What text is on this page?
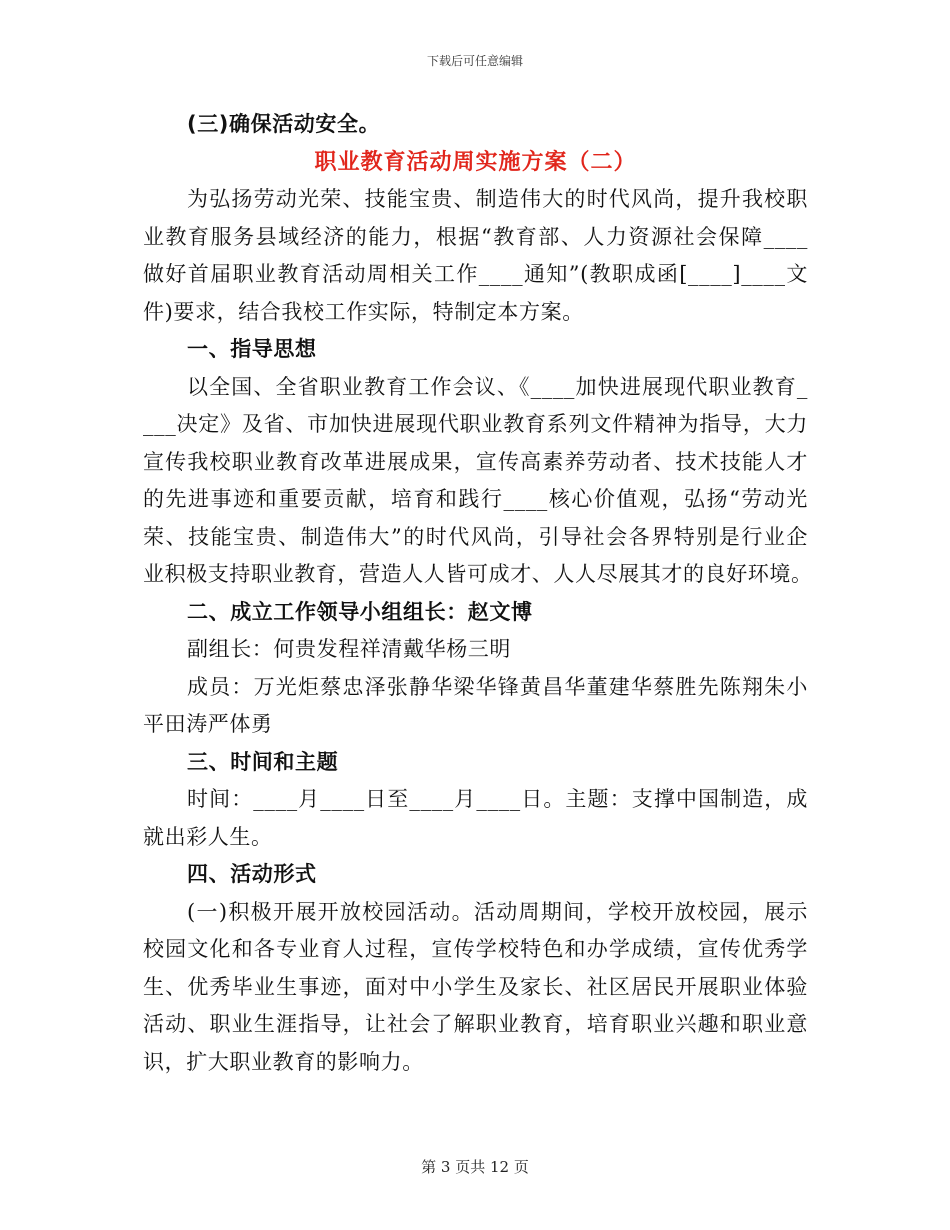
下载后可任意编辑
(三)确保活动安全。
职业教育活动周实施方案（二）
为弘扬劳动光荣、技能宝贵、制造伟大的时代风尚，提升我校职
业教育服务县域经济的能力，根据“教育部、人力资源社会保障____
做好首届职业教育活动周相关工作____通知”(教职成函[____]____文
件)要求，结合我校工作实际，特制定本方案。
一、指导思想
以全国、全省职业教育工作会议、《____加快进展现代职业教育_
___决定》及省、市加快进展现代职业教育系列文件精神为指导，大力
宣传我校职业教育改革进展成果，宣传高素养劳动者、技术技能人才
的先进事迹和重要贡献，培育和践行____核心价值观，弘扬“劳动光
荣、技能宝贵、制造伟大”的时代风尚，引导社会各界特别是行业企
业积极支持职业教育，营造人人皆可成才、人人尽展其才的良好环境。
二、成立工作领导小组组长：赵文博
副组长：何贵发程祥清戴华杨三明
成员：万光炬蔡忠泽张静华梁华锋黄昌华董建华蔡胜先陈翔朱小
平田涛严体勇
三、时间和主题
时间：____月____日至____月____日。主题：支撑中国制造，成
就出彩人生。
四、活动形式
(一)积极开展开放校园活动。活动周期间，学校开放校园，展示
校园文化和各专业育人过程，宣传学校特色和办学成绩，宣传优秀学
生、优秀毕业生事迹，面对中小学生及家长、社区居民开展职业体验
活动、职业生涯指导，让社会了解职业教育，培育职业兴趣和职业意
识，扩大职业教育的影响力。
第 3 页共 12 页
